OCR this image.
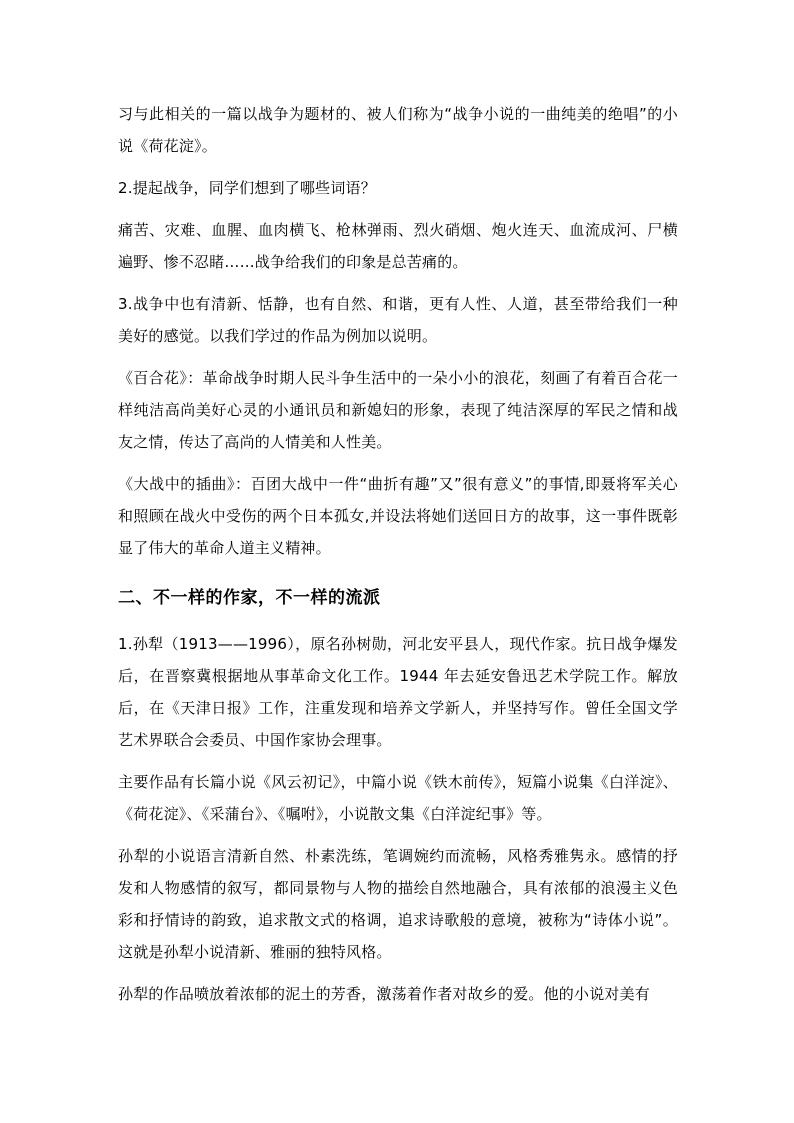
习与此相关的一篇以战争为题材的、被人们称为“战争小说的一曲纯美的绝唱”的小说《荷花淀》。

2.提起战争，同学们想到了哪些词语？

痛苦、灾难、血腥、血肉横飞、枪林弹雨、烈火硝烟、炮火连天、血流成河、尸横遍野、惨不忍睹……战争给我们的印象是总苦痛的。

3.战争中也有清新、恬静，也有自然、和谐，更有人性、人道，甚至带给我们一种美好的感觉。以我们学过的作品为例加以说明。

《百合花》：革命战争时期人民斗争生活中的一朵小小的浪花，刻画了有着百合花一样纯洁高尚美好心灵的小通讯员和新媳妇的形象，表现了纯洁深厚的军民之情和战友之情，传达了高尚的人情美和人性美。

《大战中的插曲》：百团大战中一件“曲折有趣”又”很有意义”的事情,即聂将军关心和照顾在战火中受伤的两个日本孤女,并设法将她们送回日方的故事，这一事件既彰显了伟大的革命人道主义精神。

二、不一样的作家，不一样的流派

1.孙犁（1913——1996），原名孙树勋，河北安平县人，现代作家。抗日战争爆发后，在晋察冀根据地从事革命文化工作。1944 年去延安鲁迅艺术学院工作。解放后，在《天津日报》工作，注重发现和培养文学新人，并坚持写作。曾任全国文学艺术界联合会委员、中国作家协会理事。

主要作品有长篇小说《风云初记》，中篇小说《铁木前传》，短篇小说集《白洋淀》、《荷花淀》、《采蒲台》、《嘱咐》，小说散文集《白洋淀纪事》等。

孙犁的小说语言清新自然、朴素洗练，笔调婉约而流畅，风格秀雅隽永。感情的抒发和人物感情的叙写，都同景物与人物的描绘自然地融合，具有浓郁的浪漫主义色彩和抒情诗的韵致，追求散文式的格调，追求诗歌般的意境，被称为“诗体小说”。这就是孙犁小说清新、雅丽的独特风格。

孙犁的作品喷放着浓郁的泥土的芳香，激荡着作者对故乡的爱。他的小说对美有
